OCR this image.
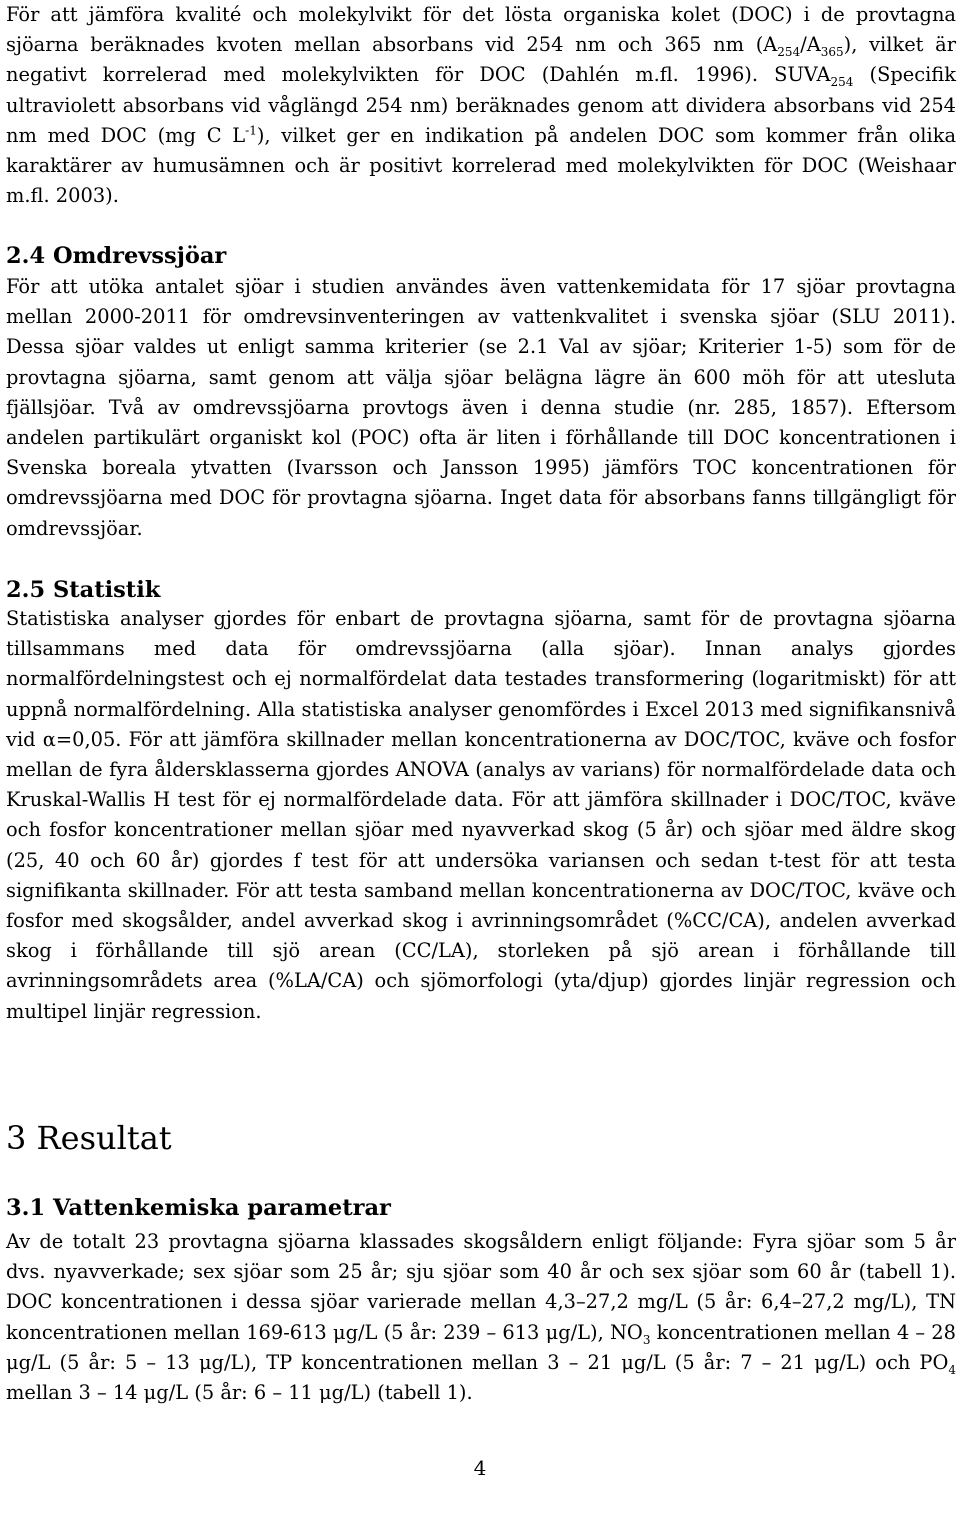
För att jämföra kvalité och molekylvikt för det lösta organiska kolet (DOC) i de provtagna sjöarna beräknades kvoten mellan absorbans vid 254 nm och 365 nm $(A_{254}/A_{365})$, vilket är negativt korrelerad med molekylvikten för DOC (Dahlén m.fl. 1996). $SUVA_{254}$ (Specifik ultraviolett absorbans vid våglängd 254 nm) beräknades genom att dividera absorbans vid 254 nm med DOC (mg C $L^{-1}$), vilket ger en indikation på andelen DOC som kommer från olika karaktärer av humusämnen och är positivt korrelerad med molekylvikten för DOC (Weishaar m.fl. 2003).

2.4 Omdrevssjöar

För att utöka antalet sjöar i studien användes även vattenkemidata för 17 sjöar provtagna mellan 2000-2011 för omdrevsinventeringen av vattenkvalitet i svenska sjöar (SLU 2011). Dessa sjöar valdes ut enligt samma kriterier (se 2.1 Val av sjöar; Kriterier 1-5) som för de provtagna sjöarna, samt genom att välja sjöar belägna lägre än 600 möh för att utesluta fjällsjöar. Två av omdrevssjöarna provtogs även i denna studie (nr. 285, 1857). Eftersom andelen partikulärt organiskt kol (POC) ofta är liten i förhållande till DOC koncentrationen i Svenska boreala ytvatten (Ivarsson och Jansson 1995) jämförs TOC koncentrationen för omdrevssjöarna med DOC för provtagna sjöarna. Inget data för absorbans fanns tillgängligt för omdrevssjöar.

2.5 Statistik

Statistiska analyser gjordes för enbart de provtagna sjöarna, samt för de provtagna sjöarna tillsammans med data för omdrevssjöarna (alla sjöar). Innan analys gjordes normalfördelningstest och ej normalfördelat data testades transformering (logaritmiskt) för att uppnå normalfördelning. Alla statistiska analyser genomfördes i Excel 2013 med signifikansnivå vid α=0,05. För att jämföra skillnader mellan koncentrationerna av DOC/TOC, kväve och fosfor mellan de fyra åldersklasserna gjordes ANOVA (analys av varians) för normalfördelade data och Kruskal-Wallis H test för ej normalfördelade data. För att jämföra skillnader i DOC/TOC, kväve och fosfor koncentrationer mellan sjöar med nyavverkad skog (5 år) och sjöar med äldre skog (25, 40 och 60 år) gjordes f test för att undersöka variansen och sedan t-test för att testa signifikanta skillnader. För att testa samband mellan koncentrationerna av DOC/TOC, kväve och fosfor med skogsålder, andel avverkad skog i avrinningsområdet (%CC/CA), andelen avverkad skog i förhållande till sjö arean (CC/LA), storleken på sjö arean i förhållande till avrinningsområdets area (%LA/CA) och sjömorfologi (yta/djup) gjordes linjär regression och multipel linjär regression.

3 Resultat
3.1 Vattenkemiska parametrar

Av de totalt 23 provtagna sjöarna klassades skogsåldern enligt följande: Fyra sjöar som 5 år dvs. nyavverkade; sex sjöar som 25 år; sju sjöar som 40 år och sex sjöar som 60 år (tabell 1). DOC koncentrationen i dessa sjöar varierade mellan 4,3–27,2 mg/L (5 år: 6,4–27,2 mg/L), TN koncentrationen mellan 169-613 μg/L (5 år: 239 – 613 μg/L), $NO_3$ koncentrationen mellan 4 – 28 μg/L (5 år: 5 – 13 μg/L), TP koncentrationen mellan 3 – 21 μg/L (5 år: 7 – 21 μg/L) och $PO_4$ mellan 3 – 14 μg/L (5 år: 6 – 11 μg/L) (tabell 1).

4
